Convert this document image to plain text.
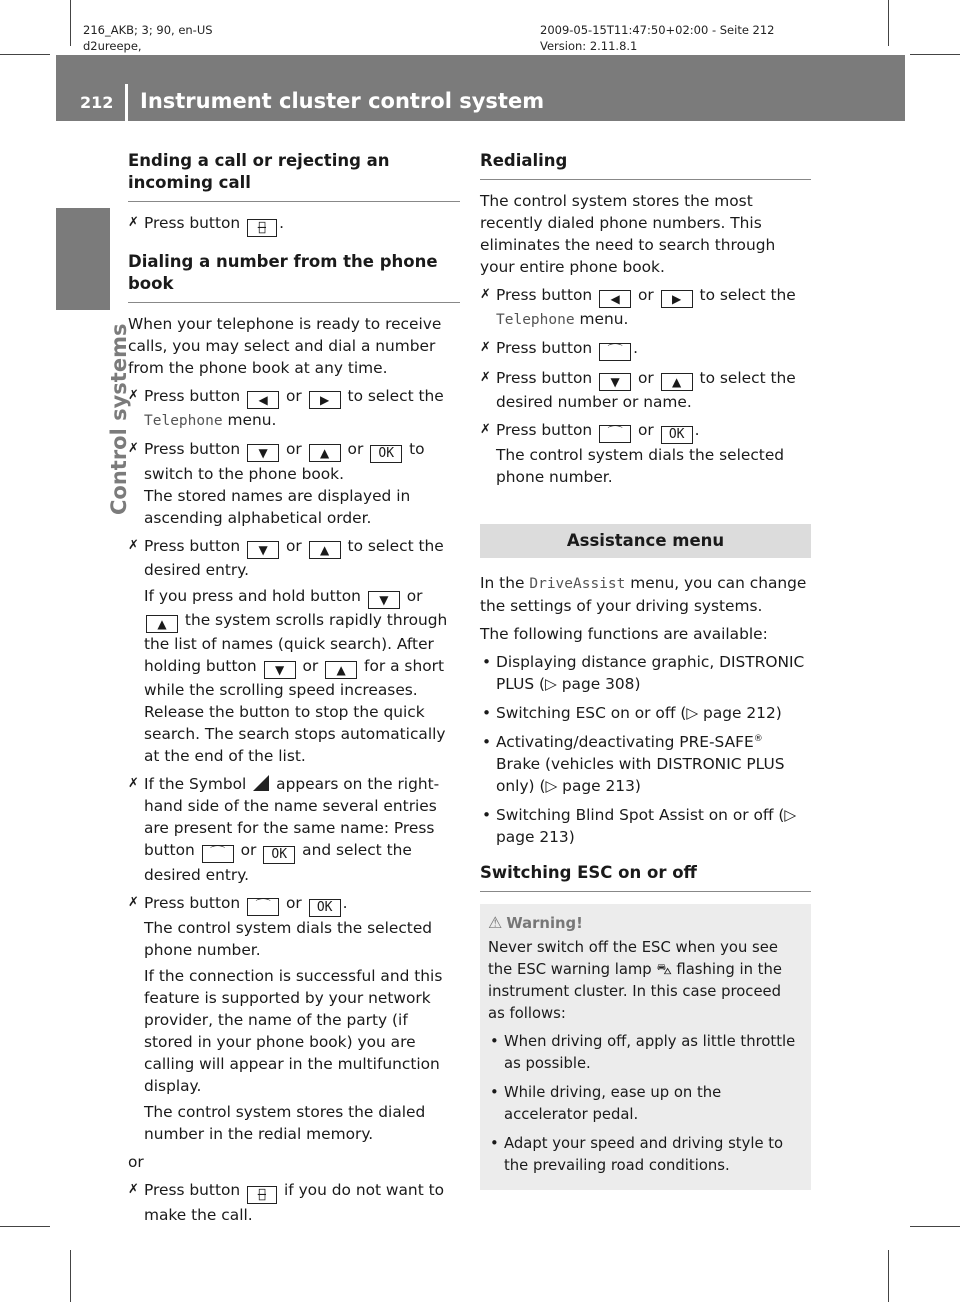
216_AKB; 3; 90, en-US
d2ureepe,
2009-05-15T11:47:50+02:00 - Seite 212
Version: 2.11.8.1
212 Instrument cluster control system
Control systems
Ending a call or rejecting an incoming call
✗ Press button ⌒̶ .
Dialing a number from the phone book
When your telephone is ready to receive calls, you may select and dial a number from the phone book at any time.
✗ Press button ◀ or ▶ to select the
Telephone menu.
✗ Press button ▼ or ▲ or OK to switch to the phone book.
The stored names are displayed in ascending alphabetical order.
✗ Press button ▼ or ▲ to select the desired entry.
If you press and hold button ▼ or ▲ the system scrolls rapidly through the list of names (quick search). After holding button ▼ or ▲ for a short while the scrolling speed increases. Release the button to stop the quick search. The search stops automatically at the end of the list.
✗ If the Symbol appears on the right-hand side of the name several entries are present for the same name: Press button ⌒ or OK and select the desired entry.
✗ Press button ⌒ or OK .
The control system dials the selected phone number.
If the connection is successful and this feature is supported by your network provider, the name of the party (if stored in your phone book) you are calling will appear in the multifunction display.
The control system stores the dialed number in the redial memory.
or
✗ Press button ⌒̶ if you do not want to make the call.
Redialing
The control system stores the most recently dialed phone numbers. This eliminates the need to search through your entire phone book.
✗ Press button ◀ or ▶ to select the
Telephone menu.
✗ Press button ⌒ .
✗ Press button ▼ or ▲ to select the desired number or name.
✗ Press button ⌒ or OK .
The control system dials the selected phone number.
Assistance menu
In the DriveAssist menu, you can change the settings of your driving systems.
The following functions are available:
• Displaying distance graphic, DISTRONIC PLUS (▷ page 308)
• Switching ESC on or off (▷ page 212)
• Activating/deactivating PRE-SAFE® Brake (vehicles with DISTRONIC PLUS only) (▷ page 213)
• Switching Blind Spot Assist on or off (▷ page 213)
Switching ESC on or off
⚠ Warning!
Never switch off the ESC when you see the ESC warning lamp ⛍ flashing in the instrument cluster. In this case proceed as follows:
• When driving off, apply as little throttle as possible.
• While driving, ease up on the accelerator pedal.
• Adapt your speed and driving style to the prevailing road conditions.
